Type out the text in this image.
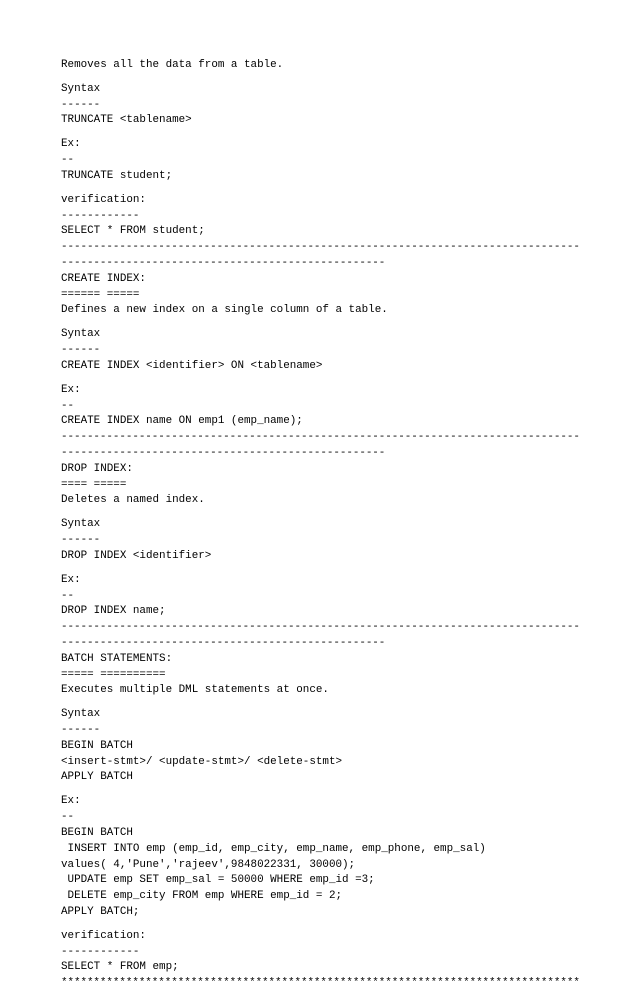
Removes all the data from a table.
Syntax
------
TRUNCATE <tablename>
Ex:
--
TRUNCATE student;
verification:
------------
SELECT * FROM student;
--------------------------------------------------------------------------------
--------------------------------------------------
CREATE INDEX:
====== =====
Defines a new index on a single column of a table.
Syntax
------
CREATE INDEX <identifier> ON <tablename>
Ex:
--
CREATE INDEX name ON emp1 (emp_name);
--------------------------------------------------------------------------------
--------------------------------------------------
DROP INDEX:
==== =====
Deletes a named index.
Syntax
------
DROP INDEX <identifier>
Ex:
--
DROP INDEX name;
--------------------------------------------------------------------------------
--------------------------------------------------
BATCH STATEMENTS:
===== ==========
Executes multiple DML statements at once.
Syntax
------
BEGIN BATCH
<insert-stmt>/ <update-stmt>/ <delete-stmt>
APPLY BATCH
Ex:
--
BEGIN BATCH
INSERT INTO emp (emp_id, emp_city, emp_name, emp_phone, emp_sal)
values( 4,'Pune','rajeev',9848022331, 30000);
UPDATE emp SET emp_sal = 50000 WHERE emp_id =3;
DELETE emp_city FROM emp WHERE emp_id = 2;
APPLY BATCH;
verification:
------------
SELECT * FROM emp;
********************************************************************************
